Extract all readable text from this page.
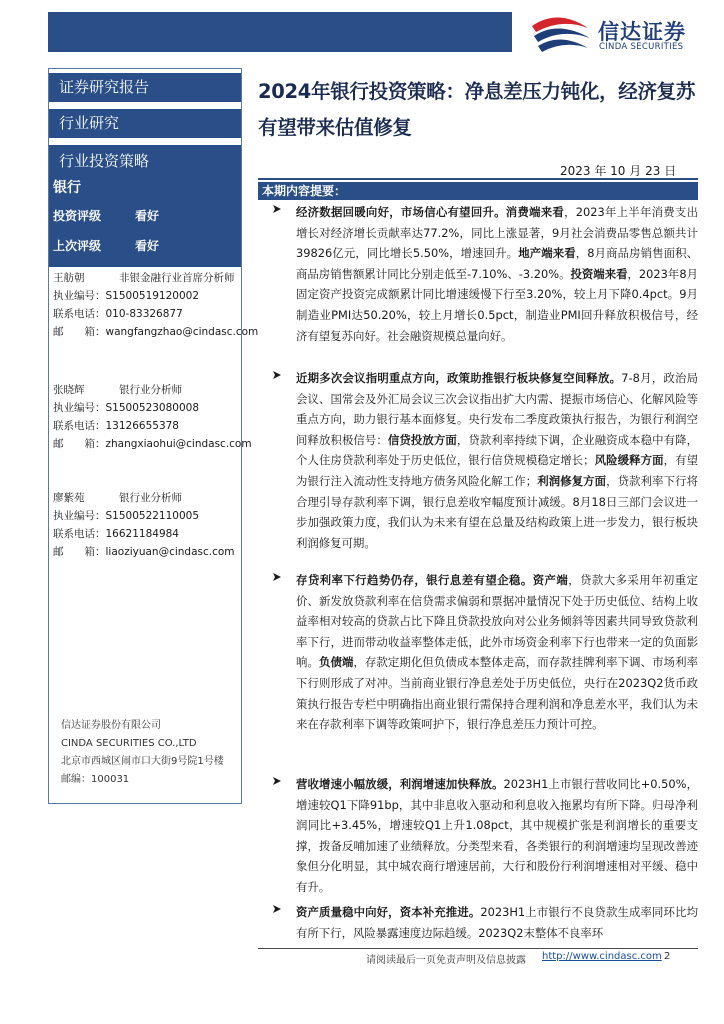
信达证券
CINDA SECURITIES
证券研究报告
行业研究
行业投资策略
银行
投资评级	看好
上次评级	看好
王舫朝	非银金融行业首席分析师
执业编号：S1500519120002
联系电话：010-83326877
邮　　箱：wangfangzhao@cindasc.com
张晓辉	银行业分析师
执业编号：S1500523080008
联系电话：13126655378
邮　　箱：zhangxiaohui@cindasc.com
廖紫苑	银行业分析师
执业编号：S1500522110005
联系电话：16621184984
邮　　箱：liaoziyuan@cindasc.com
信达证券股份有限公司
CINDA SECURITIES CO.,LTD
北京市西城区闹市口大街9号院1号楼
邮编：100031
2024年银行投资策略：净息差压力钝化，经济复苏有望带来估值修复
2023 年 10 月 23 日
本期内容提要：
经济数据回暖向好，市场信心有望回升。消费端来看，2023年上半年消费支出增长对经济增长贡献率达77.2%，同比上涨显著，9月社会消费品零售总额共计39826亿元，同比增长5.50%，增速回升。地产端来看，8月商品房销售面积、商品房销售额累计同比分别走低至-7.10%、-3.20%。投资端来看，2023年8月固定资产投资完成额累计同比增速缓慢下行至3.20%，较上月下降0.4pct。9月制造业PMI达50.20%，较上月增长0.5pct，制造业PMI回升释放积极信号，经济有望复苏向好。社会融资规模总量向好。
近期多次会议指明重点方向，政策助推银行板块修复空间释放。7-8月，政治局会议、国常会及外汇局会议三次会议指出扩大内需、提振市场信心、化解风险等重点方向，助力银行基本面修复。央行发布二季度政策执行报告，为银行利润空间释放积极信号：信贷投放方面，贷款利率持续下调，企业融资成本稳中有降，个人住房贷款利率处于历史低位，银行信贷规模稳定增长；风险缓释方面，有望为银行注入流动性支持地方债务风险化解工作；利润修复方面，贷款利率下行将合理引导存款利率下调，银行息差收窄幅度预计减缓。8月18日三部门会议进一步加强政策力度，我们认为未来有望在总量及结构政策上进一步发力，银行板块利润修复可期。
存贷利率下行趋势仍存，银行息差有望企稳。资产端，贷款大多采用年初重定价、新发放贷款利率在信贷需求偏弱和票据冲量情况下处于历史低位、结构上收益率相对较高的贷款占比下降且贷款投放向对公业务倾斜等因素共同导致贷款利率下行，进而带动收益率整体走低，此外市场资金利率下行也带来一定的负面影响。负债端，存款定期化但负债成本整体走高，而存款挂牌利率下调、市场利率下行则形成了对冲。当前商业银行净息差处于历史低位，央行在2023Q2货币政策执行报告专栏中明确指出商业银行需保持合理利润和净息差水平，我们认为未来在存款利率下调等政策呵护下，银行净息差压力预计可控。
营收增速小幅放缓，利润增速加快释放。2023H1上市银行营收同比+0.50%，增速较Q1下降91bp，其中非息收入驱动和利息收入拖累均有所下降。归母净利润同比+3.45%，增速较Q1上升1.08pct，其中规模扩张是利润增长的重要支撑，拨备反哺加速了业绩释放。分类型来看，各类银行的利润增速均呈现改善迹象但分化明显，其中城农商行增速居前，大行和股份行利润增速相对平缓、稳中有升。
资产质量稳中向好，资本补充推进。2023H1上市银行不良贷款生成率同环比均有所下行，风险暴露速度边际趋缓。2023Q2末整体不良率环
请阅读最后一页免责声明及信息披露 http://www.cindasc.com 2
